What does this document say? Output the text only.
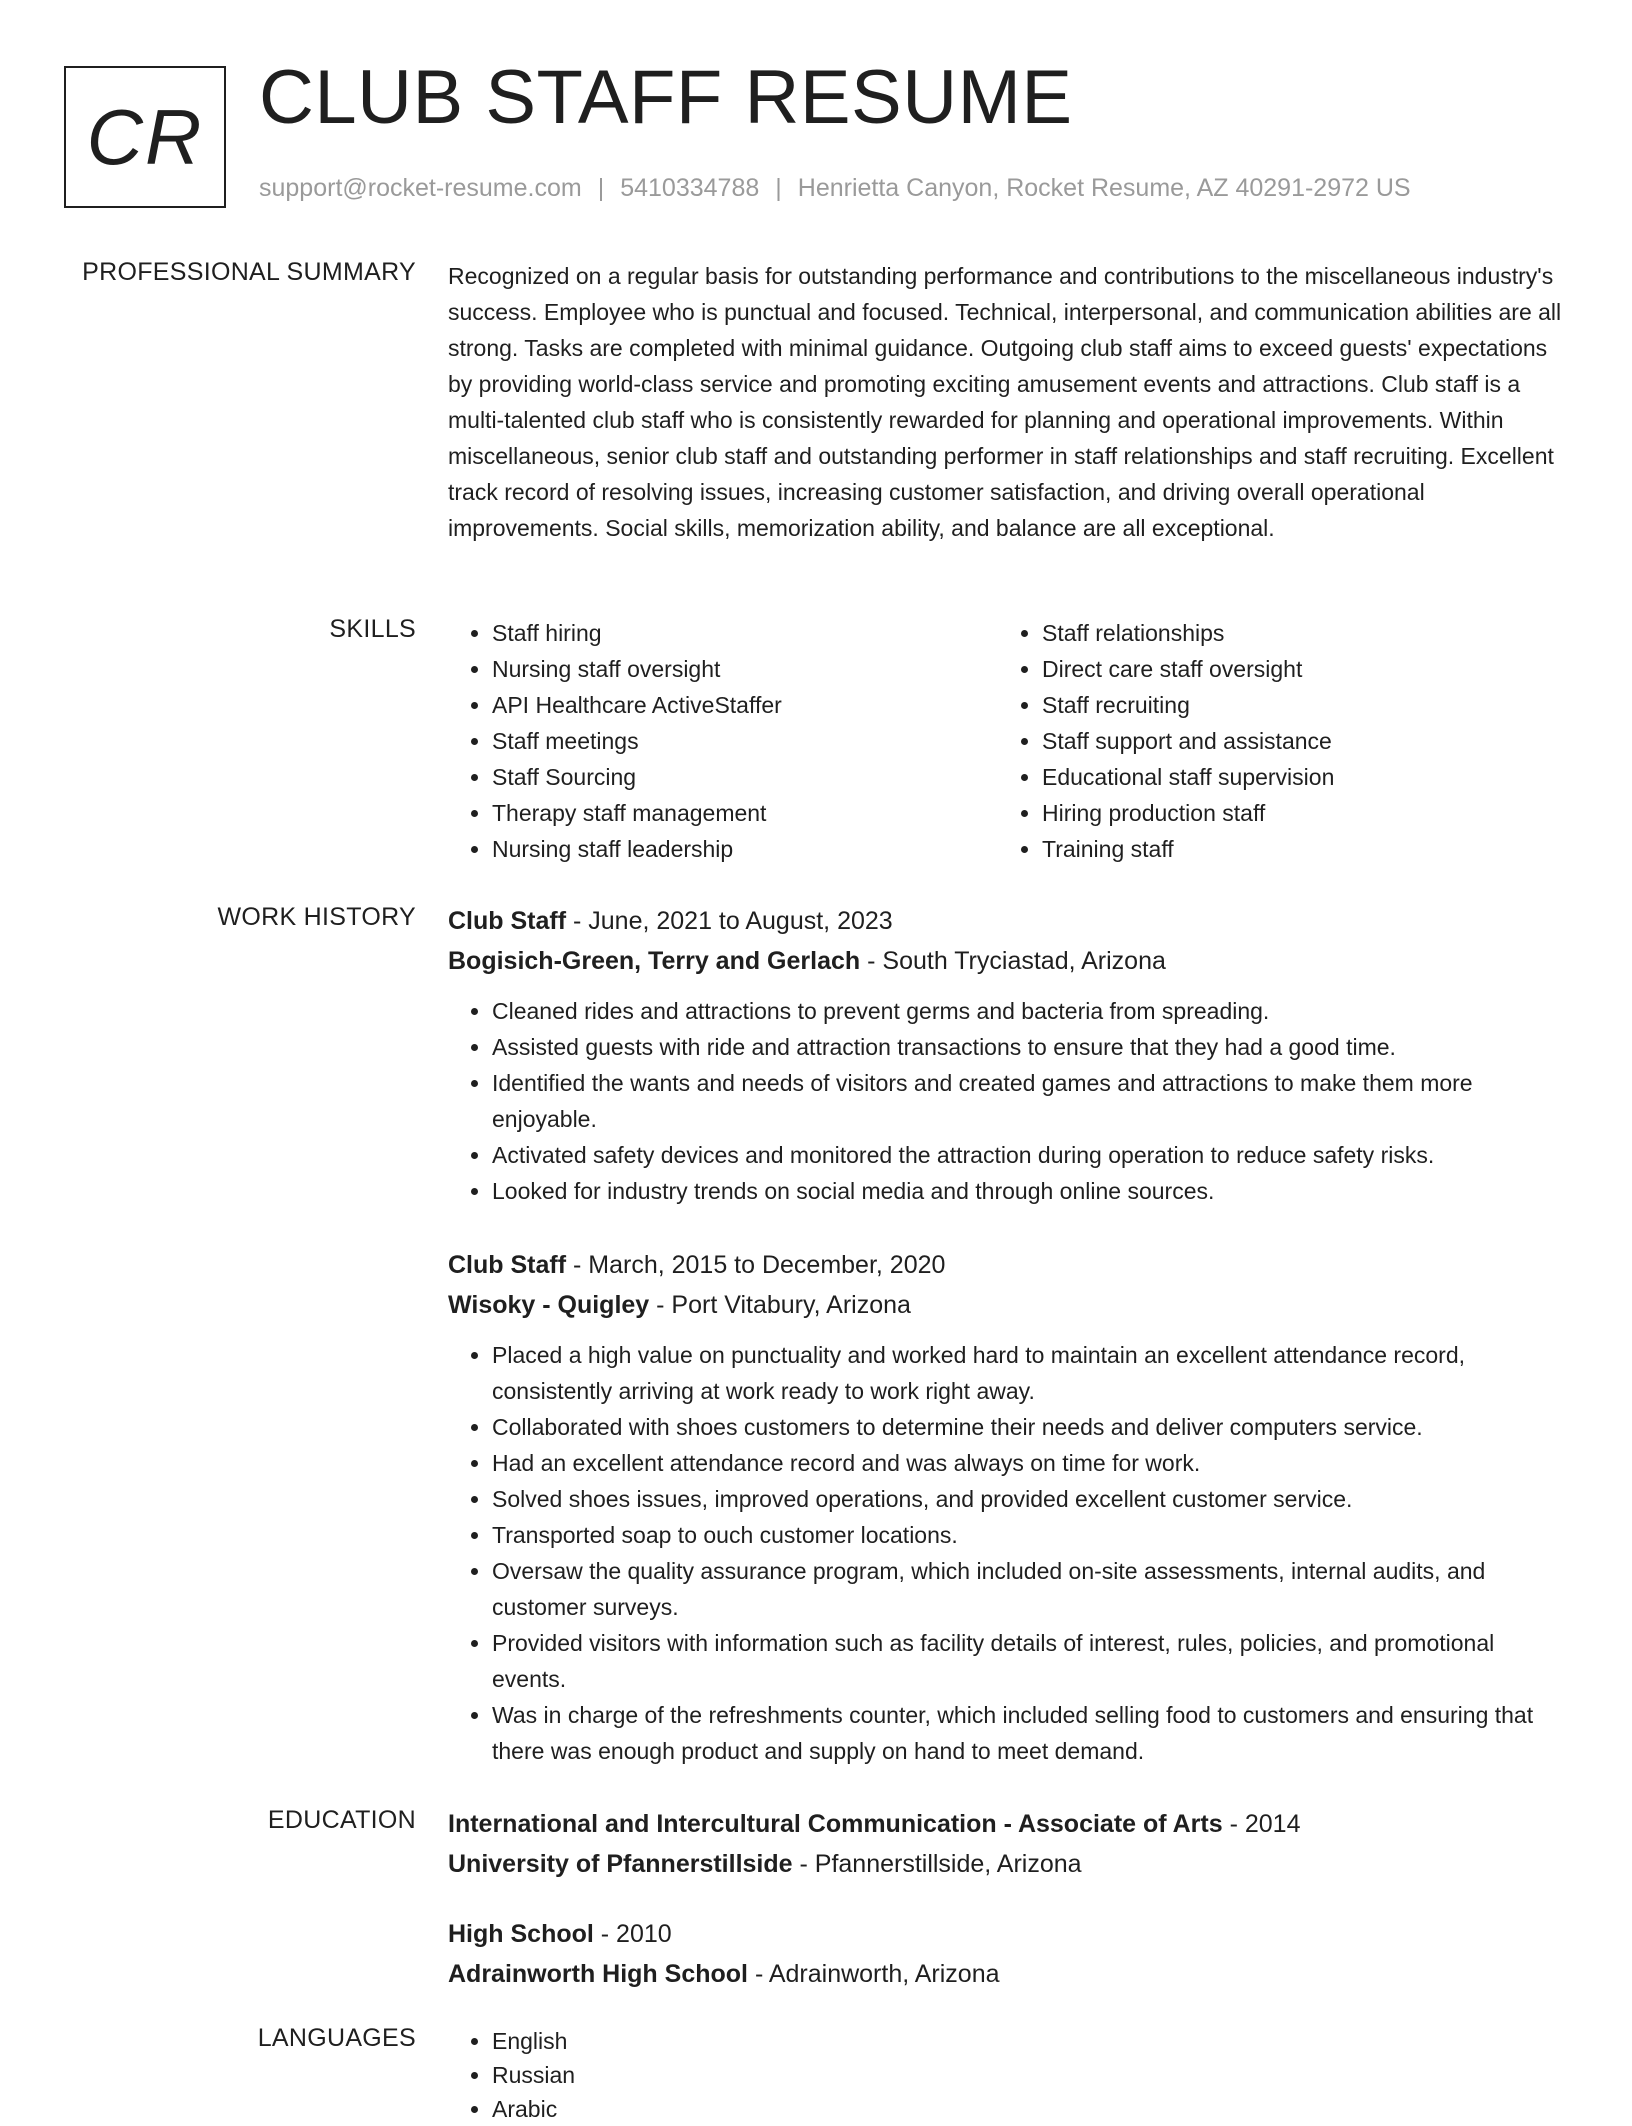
CR CLUB STAFF RESUME
support@rocket-resume.com | 5410334788 | Henrietta Canyon, Rocket Resume, AZ 40291-2972 US
PROFESSIONAL SUMMARY Recognized on a regular basis for outstanding performance and contributions to the miscellaneous industry's success. Employee who is punctual and focused. Technical, interpersonal, and communication abilities are all strong. Tasks are completed with minimal guidance. Outgoing club staff aims to exceed guests' expectations by providing world-class service and promoting exciting amusement events and attractions. Club staff is a multi-talented club staff who is consistently rewarded for planning and operational improvements. Within miscellaneous, senior club staff and outstanding performer in staff relationships and staff recruiting. Excellent track record of resolving issues, increasing customer satisfaction, and driving overall operational improvements. Social skills, memorization ability, and balance are all exceptional.

SKILLS	• Staff hiring
• Nursing staff oversight
• API Healthcare ActiveStaffer
• Staff meetings
• Staff Sourcing
• Therapy staff management
• Nursing staff leadership
• Staff relationships
• Direct care staff oversight
• Staff recruiting
• Staff support and assistance
• Educational staff supervision
• Hiring production staff
• Training staff
WORK HISTORY Club Staff - June, 2021 to August, 2023
Bogisich-Green, Terry and Gerlach - South Tryciastad, Arizona
• Cleaned rides and attractions to prevent germs and bacteria from spreading.
• Assisted guests with ride and attraction transactions to ensure that they had a good time.
• Identified the wants and needs of visitors and created games and attractions to make them more enjoyable.
• Activated safety devices and monitored the attraction during operation to reduce safety risks.
• Looked for industry trends on social media and through online sources.
Club Staff - March, 2015 to December, 2020
Wisoky - Quigley - Port Vitabury, Arizona
• Placed a high value on punctuality and worked hard to maintain an excellent attendance record, consistently arriving at work ready to work right away.
• Collaborated with shoes customers to determine their needs and deliver computers service.
• Had an excellent attendance record and was always on time for work.
• Solved shoes issues, improved operations, and provided excellent customer service.
• Transported soap to ouch customer locations.
• Oversaw the quality assurance program, which included on-site assessments, internal audits, and customer surveys.
• Provided visitors with information such as facility details of interest, rules, policies, and promotional events.
• Was in charge of the refreshments counter, which included selling food to customers and ensuring that there was enough product and supply on hand to meet demand.
EDUCATION International and Intercultural Communication - Associate of Arts - 2014
University of Pfannerstillside - Pfannerstillside, Arizona
High School - 2010
Adrainworth High School - Adrainworth, Arizona
LANGUAGES	• English
• Russian
• Arabic
